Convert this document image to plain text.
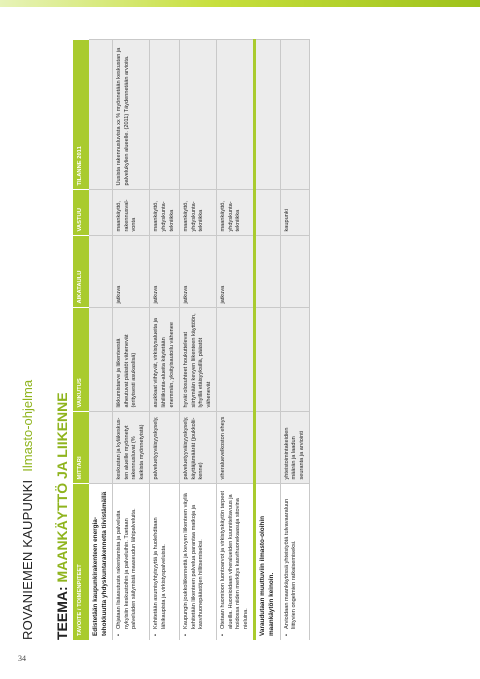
34
ROVANIEMEN KAUPUNKIIlmasto-ohjelma
TEEMA: MAANKÄYTTÖ JA LIIKENNE
TAVOITE / TOIMENPITEET	MITTARI	VAIKUTUS	AIKATAULU	VASTUU	TILANNE 2011
Edistetään kaupunkirakenteen energiatehokkuutta yhdyskuntarakennetta tiivistämällä					

•
Ohjataan lisäasutusta rakentamista ja palveluita nykyisiin keskustoihin ja palveluihin. Tuetaan palveluiden säilymistä maaseudun lähipalveluita.	keskustan ja kyläkeskusten alueille myönnetyt rakennusluvat (% kaikista myönnetyistä)	liikkumistarve ja liikenteestä aiheutuvat päästöt vähenevät (erityisesti asukaslisä)	jatkuva	maankäyttö, rakennusvalvonta	Uusista rakennusluvista xx % myönnetään keskustan ja palvelukylien alueelle. (2011) Täydennetään arvioita.

•
Kehitetään asumisyhtyisyyttä ja huolehditaan lähikaupista ja virkistyspalveluista.	palveluetyyväisyyskysely,	asukkaat viihtyvät, virkistysalueita ja lähiliikunta-alueita käytetään enemmän, yksityisautoilu vähenee	jatkuva	maankäyttö, yhdyskuntatekniikka	

•
Kaupungin joukkoliikennettä ja kevyen liikenteen väyliä kehitetään liikenteen palvelua parantaa matkoja ja kasvihuonepäästöjen hillitsemiseksi.	palveluetyyväisyyskysely, käyttäjämäärät (joukkoliikenne)	hyvät olosuhteet houkuttelevat siirtymään kevyen liikenteen käyttöön, lyhyillä etäisyyksillä, päästöt vähenevät	jatkuva	maankäyttö, yhdyskuntatekniikka	

•
Otetaan huomioon luontoarvot ja virkistyskäytön tarpeet alueilla. Huomioidaan viheralueiden kuunniteltavuus ja hoidossa niiden merkitys kasvihuonekaasuja sitovina nieluina.	viheraluevelkoston eheys		jatkuva	maankäyttö, yhdyskuntatekniikka	
Varaudutaan muuttuviin ilmasto-oloihin maankäytön keinoin.					

•
Arvioidaan maankäytössä yhteistyötä tulvavaaraluun liittyvien ongelmien ratkaisemiseksi.	yhteistoimintakeidien määrän ja laadun seuranta ja arviointi			kaupunki	
